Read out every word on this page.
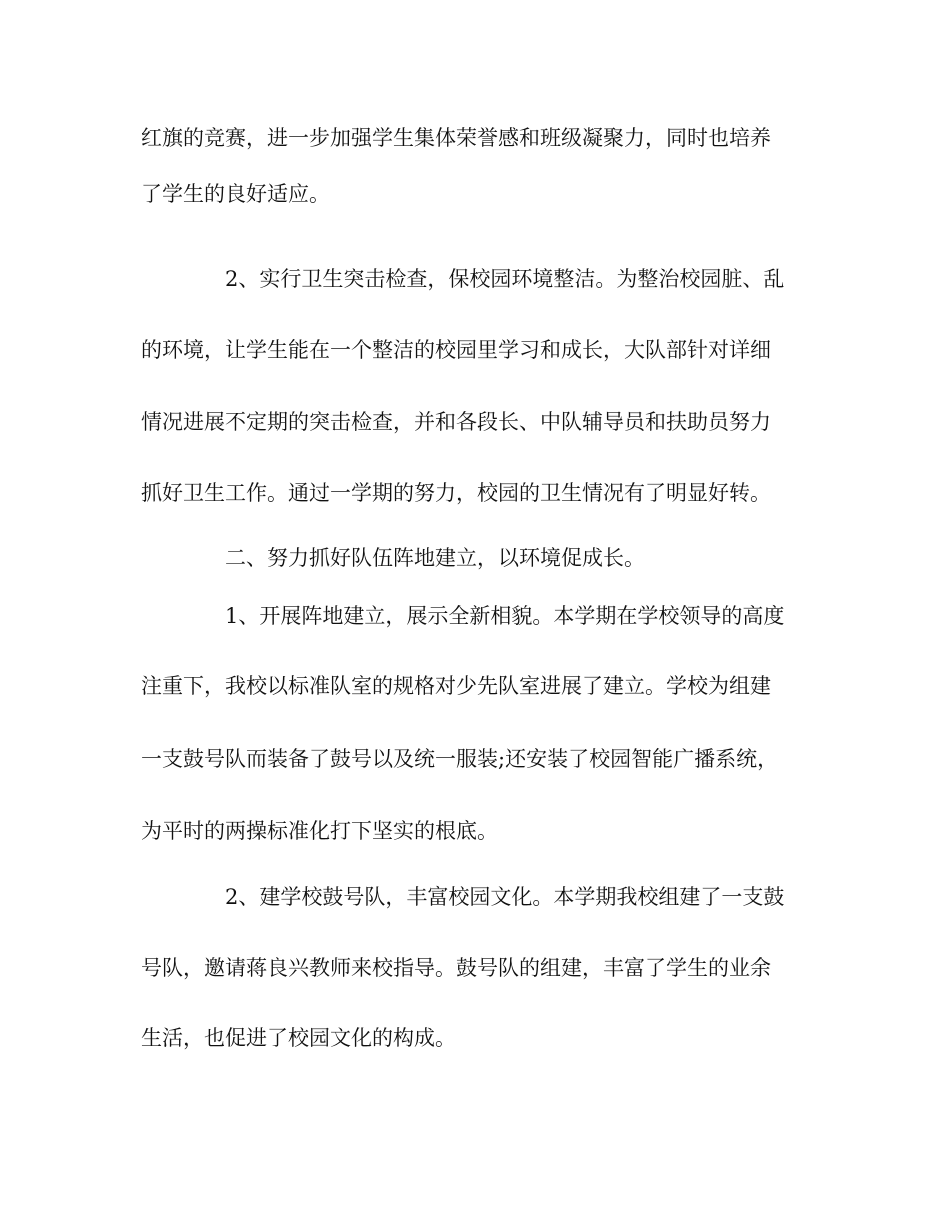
红旗的竞赛，进一步加强学生集体荣誉感和班级凝聚力，同时也培养
了学生的良好适应。
2、实行卫生突击检查，保校园环境整洁。为整治校园脏、乱
的环境，让学生能在一个整洁的校园里学习和成长，大队部针对详细
情况进展不定期的突击检查，并和各段长、中队辅导员和扶助员努力
抓好卫生工作。通过一学期的努力，校园的卫生情况有了明显好转。
二、努力抓好队伍阵地建立，以环境促成长。
1、开展阵地建立，展示全新相貌。本学期在学校领导的高度
注重下，我校以标准队室的规格对少先队室进展了建立。学校为组建
一支鼓号队而装备了鼓号以及统一服装;还安装了校园智能广播系统，
为平时的两操标准化打下坚实的根底。
2、建学校鼓号队，丰富校园文化。本学期我校组建了一支鼓
号队，邀请蒋良兴教师来校指导。鼓号队的组建，丰富了学生的业余
生活，也促进了校园文化的构成。
